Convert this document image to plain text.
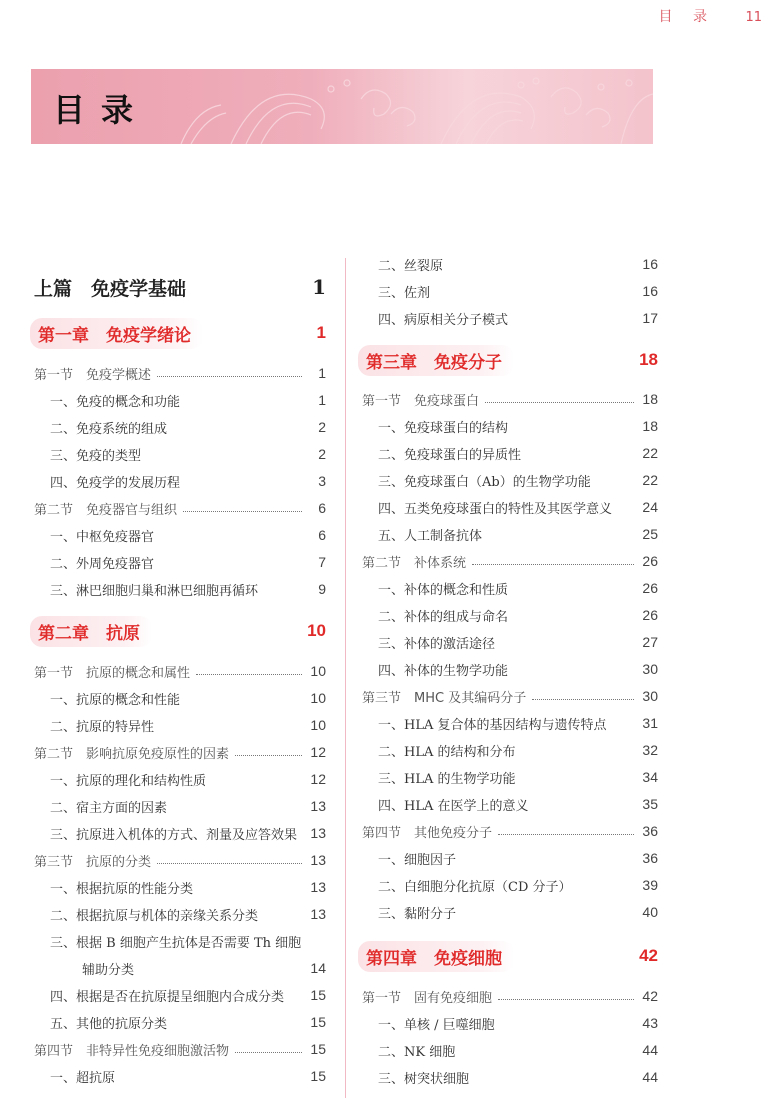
目 录 11
目录
上篇　免疫学基础	1
第一章　免疫学绪论	1
第一节　免疫学概述	1
一、免疫的概念和功能	1
二、免疫系统的组成	2
三、免疫的类型	2
四、免疫学的发展历程	3
第二节　免疫器官与组织	6
一、中枢免疫器官	6
二、外周免疫器官	7
三、淋巴细胞归巢和淋巴细胞再循环	9
第二章　抗原	10
第一节　抗原的概念和属性	10
一、抗原的概念和性能	10
二、抗原的特异性	10
第二节　影响抗原免疫原性的因素	12
一、抗原的理化和结构性质	12
二、宿主方面的因素	13
三、抗原进入机体的方式、剂量及应答效果 13
第三节　抗原的分类	13
一、根据抗原的性能分类	13
二、根据抗原与机体的亲缘关系分类	13
三、根据 B 细胞产生抗体是否需要 Th 细胞
辅助分类	14
四、根据是否在抗原提呈细胞内合成分类 15
五、其他的抗原分类	15
第四节　非特异性免疫细胞激活物	15
一、超抗原	15
二、丝裂原	16
三、佐剂	16
四、病原相关分子模式	17
第三章　免疫分子	18
第一节　免疫球蛋白	18
一、免疫球蛋白的结构	18
二、免疫球蛋白的异质性	22
三、免疫球蛋白（Ab）的生物学功能	22
四、五类免疫球蛋白的特性及其医学意义 24
五、人工制备抗体	25
第二节　补体系统	26
一、补体的概念和性质	26
二、补体的组成与命名	26
三、补体的激活途径	27
四、补体的生物学功能	30
第三节　MHC 及其编码分子	30
一、HLA 复合体的基因结构与遗传特点	31
二、HLA 的结构和分布	32
三、HLA 的生物学功能	34
四、HLA 在医学上的意义	35
第四节　其他免疫分子	36
一、细胞因子	36
二、白细胞分化抗原（CD 分子）	39
三、黏附分子	40
第四章　免疫细胞	42
第一节　固有免疫细胞	42
一、单核 / 巨噬细胞	43
二、NK 细胞	44
三、树突状细胞	44
